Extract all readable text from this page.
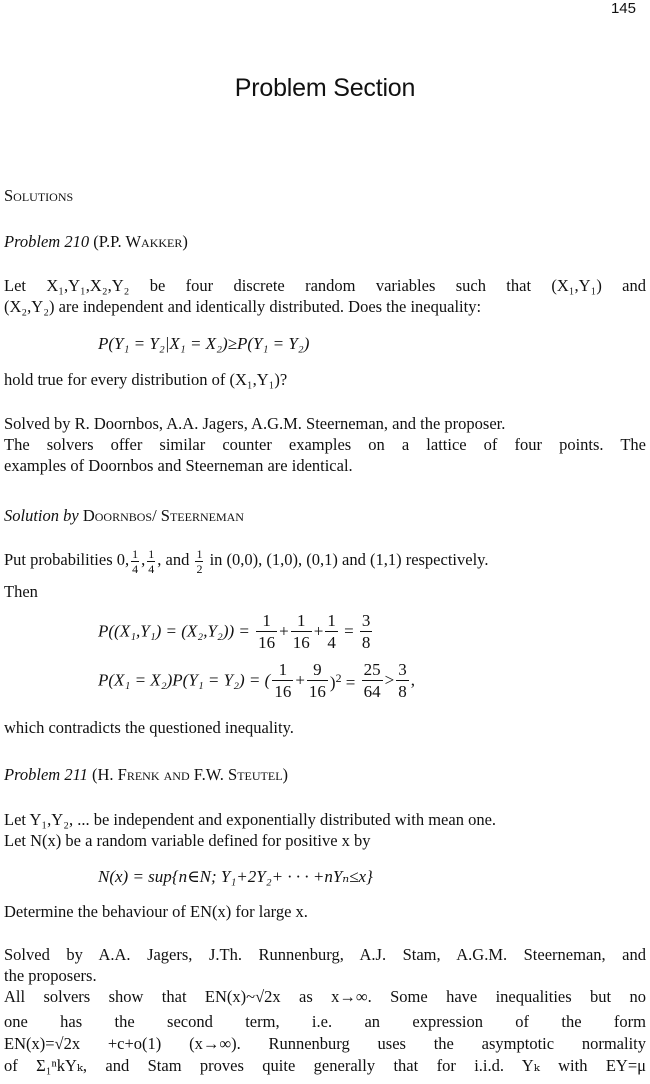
145
Problem Section
Solutions
Problem 210 (P.P. Wakker)
Let X₁,Y₁,X₂,Y₂ be four discrete random variables such that (X₁,Y₁) and
(X₂,Y₂) are independent and identically distributed. Does the inequality:
P(Y₁ = Y₂|X₁ = X₂)≥P(Y₁ = Y₂)
hold true for every distribution of (X₁,Y₁)?
Solved by R. Doornbos, A.A. Jagers, A.G.M. Steerneman, and the proposer.
The solvers offer similar counter examples on a lattice of four points. The
examples of Doornbos and Steerneman are identical.
Solution by Doornbos/ Steerneman
Put probabilities 0, $\frac{1}{4}$ , $\frac{1}{4}$ , and $\frac{1}{2}$ in (0,0), (1,0), (0,1) and (1,1) respectively.
Then
$P((X_1,Y_1) = (X_2,Y_2)) = \frac{1}{16} + \frac{1}{16} + \frac{1}{4} = \frac{3}{8}$
P(X₁ = X₂)P(Y₁ = Y₂) = ( $\frac{1}{16} + \frac{9}{16} )^2 = \frac{25}{64} > \frac{3}{8}$ ,
which contradicts the questioned inequality.
Problem 211 (H. Frenk and F.W. Steutel)
Let Y₁,Y₂, ... be independent and exponentially distributed with mean one.
Let N(x) be a random variable defined for positive x by
N(x) = sup{n∈N; Y₁+2Y₂+ · · · +nYₙ≤x}
Determine the behaviour of EN(x) for large x.
Solved by A.A. Jagers, J.Th. Runnenburg, A.J. Stam, A.G.M. Steerneman, and
the proposers.
All solvers show that EN(x)~√2x as x→∞. Some have inequalities but no
one has the second term, i.e. an expression of the form
EN(x)=√2x +c+o(1) (x→∞). Runnenburg uses the asymptotic normality
of Σ₁ⁿkYₖ, and Stam proves quite generally that for i.i.d. Yₖ with EY=μ
